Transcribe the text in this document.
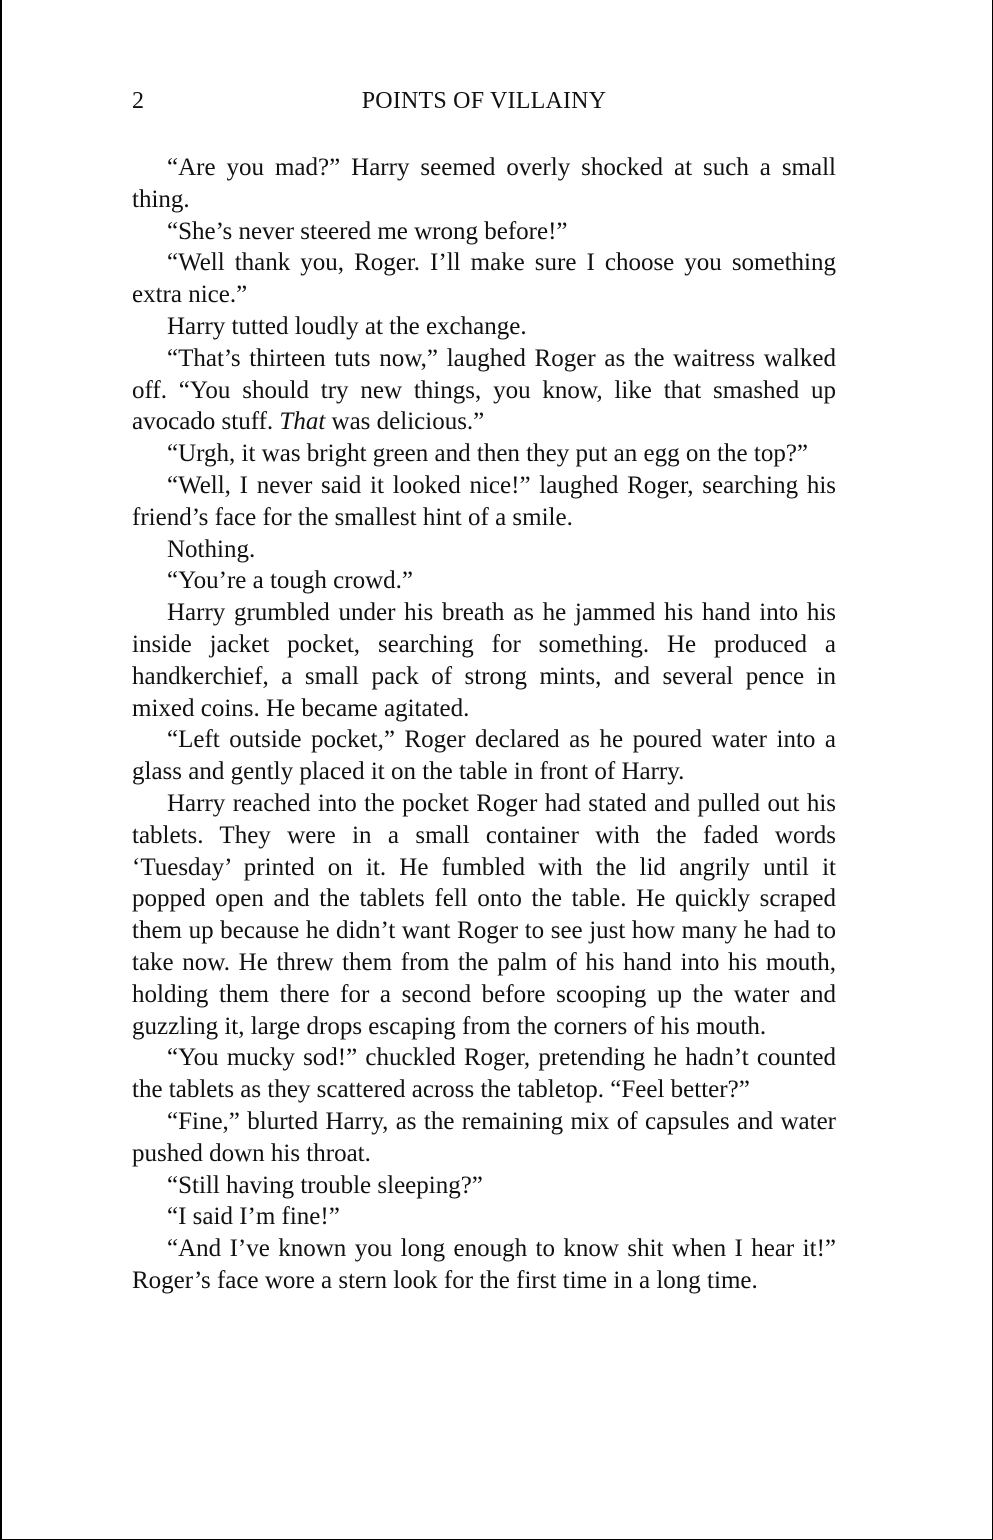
2	POINTS OF VILLAINY

“Are you mad?” Harry seemed overly shocked at such a small thing.

“She’s never steered me wrong before!”

“Well thank you, Roger. I’ll make sure I choose you something extra nice.”

Harry tutted loudly at the exchange.

“That’s thirteen tuts now,” laughed Roger as the waitress walked off. “You should try new things, you know, like that smashed up avocado stuff. That was delicious.”

“Urgh, it was bright green and then they put an egg on the top?”

“Well, I never said it looked nice!” laughed Roger, searching his friend’s face for the smallest hint of a smile.

Nothing.

“You’re a tough crowd.”

Harry grumbled under his breath as he jammed his hand into his inside jacket pocket, searching for something. He produced a handkerchief, a small pack of strong mints, and several pence in mixed coins. He became agitated.

“Left outside pocket,” Roger declared as he poured water into a glass and gently placed it on the table in front of Harry.

Harry reached into the pocket Roger had stated and pulled out his tablets. They were in a small container with the faded words ‘Tuesday’ printed on it. He fumbled with the lid angrily until it popped open and the tablets fell onto the table. He quickly scraped them up because he didn’t want Roger to see just how many he had to take now. He threw them from the palm of his hand into his mouth, holding them there for a second before scooping up the water and guzzling it, large drops escaping from the corners of his mouth.

“You mucky sod!” chuckled Roger, pretending he hadn’t counted the tablets as they scattered across the tabletop. “Feel better?”

“Fine,” blurted Harry, as the remaining mix of capsules and water pushed down his throat.

“Still having trouble sleeping?”

“I said I’m fine!”

“And I’ve known you long enough to know shit when I hear it!” Roger’s face wore a stern look for the first time in a long time.
